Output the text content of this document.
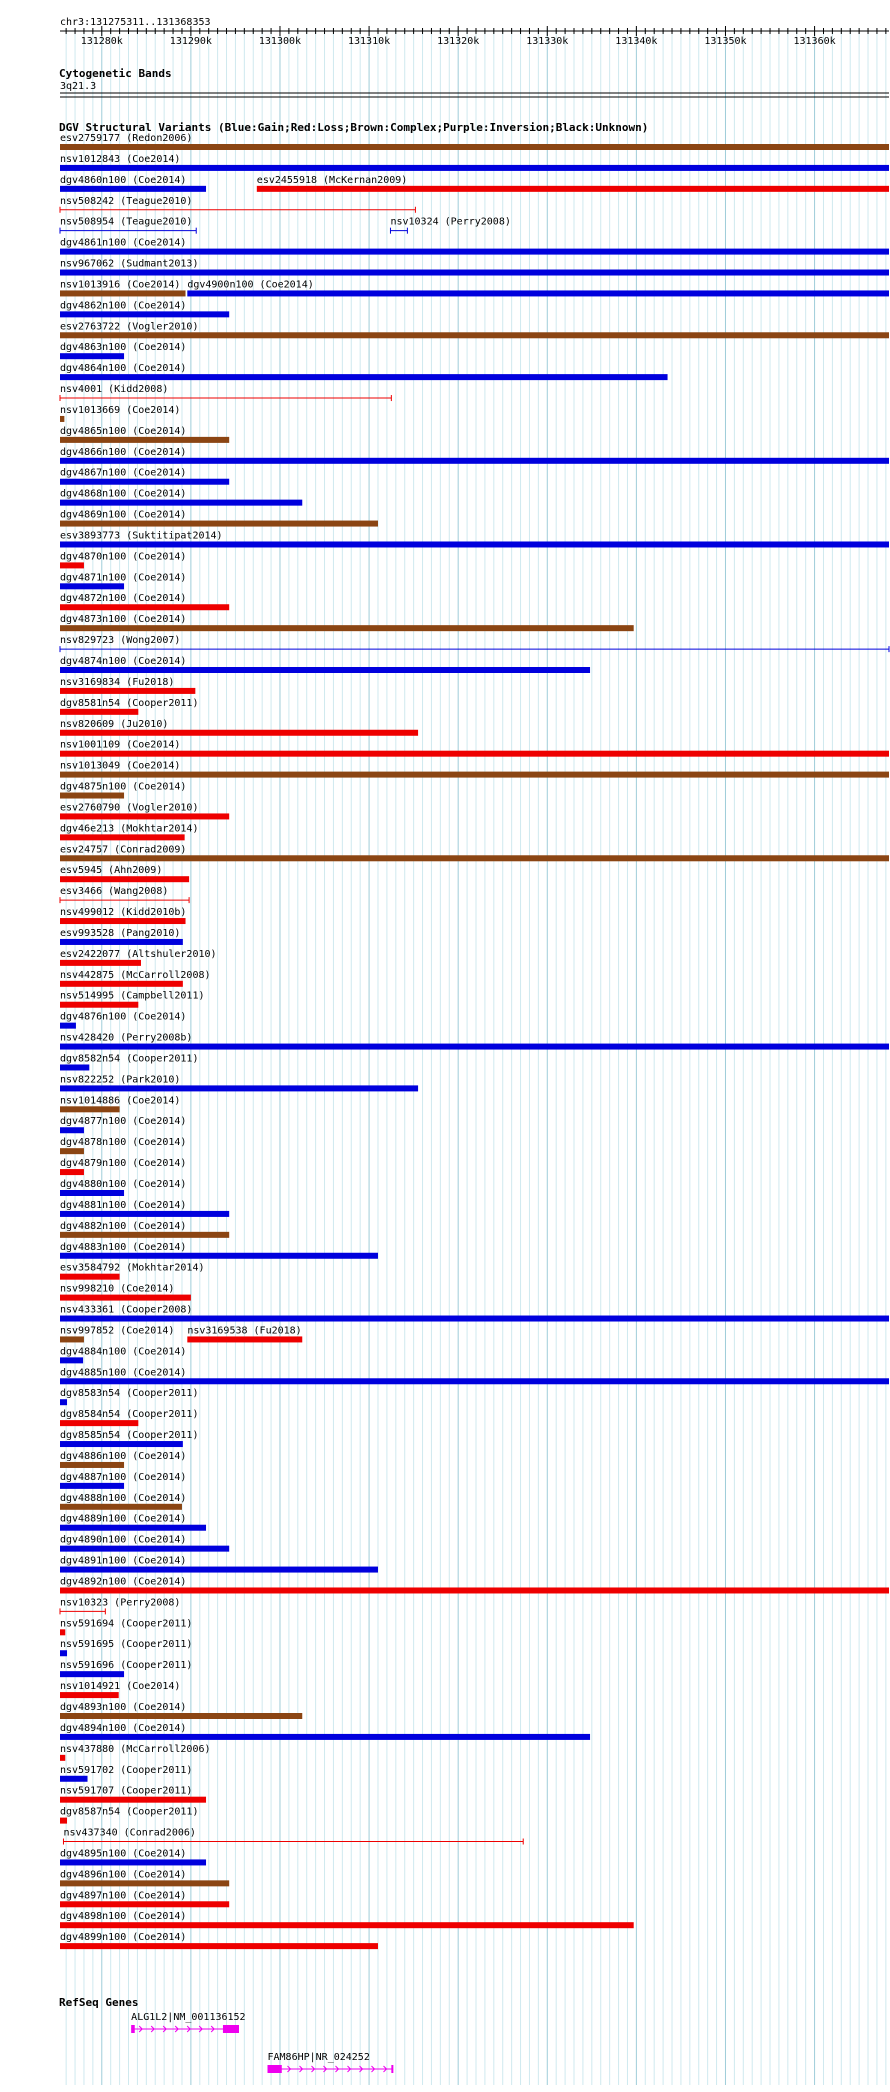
chr3:131275311..131368353
131280k	131290k	131300k	131310k	131320k	131330k	131340k	131350k	131360k
Cytogenetic Bands
3q21.3
DGV Structural Variants (Blue:Gain;Red:Loss;Brown:Complex;Purple:Inversion;Black:Unknown)
esv2759177 (Redon2006)
nsv1012843 (Coe2014)
dgv4860n100 (Coe2014)	esv2455918 (McKernan2009)
nsv508242 (Teague2010)
nsv508954 (Teague2010)	nsv10324 (Perry2008)
dgv4861n100 (Coe2014)
nsv967062 (Sudmant2013)
nsv1013916 (Coe2014) dgv4900n100 (Coe2014)
dgv4862n100 (Coe2014)
esv2763722 (Vogler2010)
dgv4863n100 (Coe2014)
dgv4864n100 (Coe2014)
nsv4001 (Kidd2008)
nsv1013669 (Coe2014)
dgv4865n100 (Coe2014)
dgv4866n100 (Coe2014)
dgv4867n100 (Coe2014)
dgv4868n100 (Coe2014)
dgv4869n100 (Coe2014)
esv3893773 (Suktitipat2014)
dgv4870n100 (Coe2014)
dgv4871n100 (Coe2014)
dgv4872n100 (Coe2014)
dgv4873n100 (Coe2014)
nsv829723 (Wong2007)
dgv4874n100 (Coe2014)
nsv3169834 (Fu2018)
dgv8581n54 (Cooper2011)
nsv820609 (Ju2010)
nsv1001109 (Coe2014)
nsv1013049 (Coe2014)
dgv4875n100 (Coe2014)
esv2760790 (Vogler2010)
dgv46e213 (Mokhtar2014)
esv24757 (Conrad2009)
esv5945 (Ahn2009)
esv3466 (Wang2008)
nsv499012 (Kidd2010b)
esv993528 (Pang2010)
esv2422077 (Altshuler2010)
nsv442875 (McCarroll2008)
nsv514995 (Campbell2011)
dgv4876n100 (Coe2014)
nsv428420 (Perry2008b)
dgv8582n54 (Cooper2011)
nsv822252 (Park2010)
nsv1014886 (Coe2014)
dgv4877n100 (Coe2014)
dgv4878n100 (Coe2014)
dgv4879n100 (Coe2014)
dgv4880n100 (Coe2014)
dgv4881n100 (Coe2014)
dgv4882n100 (Coe2014)
dgv4883n100 (Coe2014)
esv3584792 (Mokhtar2014)
nsv998210 (Coe2014)
nsv433361 (Cooper2008)
nsv997852 (Coe2014) nsv3169538 (Fu2018)
dgv4884n100 (Coe2014)
dgv4885n100 (Coe2014)
dgv8583n54 (Cooper2011)
dgv8584n54 (Cooper2011)
dgv8585n54 (Cooper2011)
dgv4886n100 (Coe2014)
dgv4887n100 (Coe2014)
dgv4888n100 (Coe2014)
dgv4889n100 (Coe2014)
dgv4890n100 (Coe2014)
dgv4891n100 (Coe2014)
dgv4892n100 (Coe2014)
nsv10323 (Perry2008)
nsv591694 (Cooper2011)
nsv591695 (Cooper2011)
nsv591696 (Cooper2011)
nsv1014921 (Coe2014)
dgv4893n100 (Coe2014)
dgv4894n100 (Coe2014)
nsv437880 (McCarroll2006)
nsv591702 (Cooper2011)
nsv591707 (Cooper2011)
dgv8587n54 (Cooper2011)
nsv437340 (Conrad2006)
dgv4895n100 (Coe2014)
dgv4896n100 (Coe2014)
dgv4897n100 (Coe2014)
dgv4898n100 (Coe2014)
dgv4899n100 (Coe2014)
RefSeq Genes
ALG1L2|NM_001136152
FAM86HP|NR_024252
